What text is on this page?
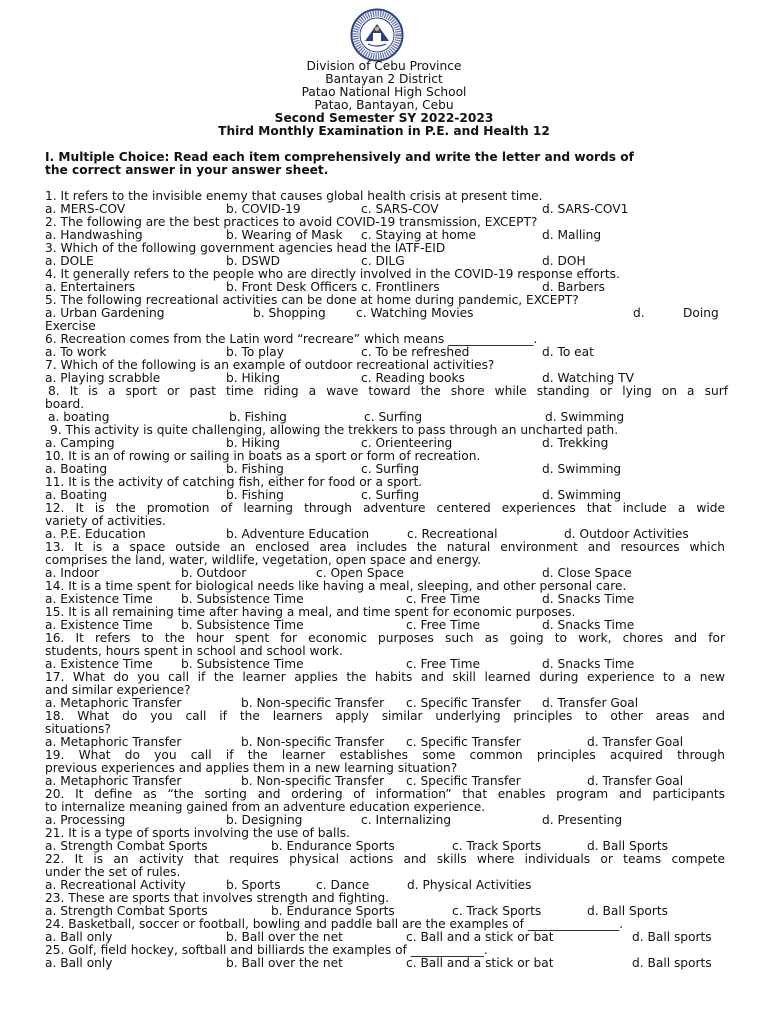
Division of Cebu Province
Bantayan 2 District
Patao National High School
Patao, Bantayan, Cebu
Second Semester SY 2022-2023
Third Monthly Examination in P.E. and Health 12
I. Multiple Choice: Read each item comprehensively and write the letter and words of
the correct answer in your answer sheet.
1. It refers to the invisible enemy that causes global health crisis at present time.
a. MERS-COV	b. COVID-19	c. SARS-COV	d. SARS-COV1
2. The following are the best practices to avoid COVID-19 transmission, EXCEPT?
a. Handwashing	b. Wearing of Mask c. Staying at home	d. Malling
3. Which of the following government agencies head the IATF-EID
a. DOLE	b. DSWD	c. DILG	d. DOH
4. It generally refers to the people who are directly involved in the COVID-19 response efforts.
a. Entertainers	b. Front Desk Officers c. Frontliners	d. Barbers
5. The following recreational activities can be done at home during pandemic, EXCEPT?
a. Urban Gardening	b. Shopping c. Watching Movies	d.	Doing
Exercise
6. Recreation comes from the Latin word “recreare” which means ______________.
a. To work	b. To play	c. To be refreshed	d. To eat
7. Which of the following is an example of outdoor recreational activities?
a. Playing scrabble	b. Hiking	c. Reading books	d. Watching TV
8. It is a sport or past time riding a wave toward the shore while standing or lying on a surf
board.
a. boating	b. Fishing	c. Surfing	d. Swimming
9. This activity is quite challenging, allowing the trekkers to pass through an uncharted path.
a. Camping	b. Hiking	c. Orienteering	d. Trekking
10. It is an of rowing or sailing in boats as a sport or form of recreation.
a. Boating	b. Fishing	c. Surfing	d. Swimming
11. It is the activity of catching fish, either for food or a sport.
a. Boating	b. Fishing	c. Surfing	d. Swimming
12. It is the promotion of learning through adventure centered experiences that include a wide
variety of activities.
a. P.E. Education	b. Adventure Education	c. Recreational	d. Outdoor Activities
13. It is a space outside an enclosed area includes the natural environment and resources which
comprises the land, water, wildlife, vegetation, open space and energy.
a. Indoor	b. Outdoor	c. Open Space	d. Close Space
14. It is a time spent for biological needs like having a meal, sleeping, and other personal care.
a. Existence Time b. Subsistence Time	c. Free Time	d. Snacks Time
15. It is all remaining time after having a meal, and time spent for economic purposes.
a. Existence Time b. Subsistence Time	c. Free Time	d. Snacks Time
16. It refers to the hour spent for economic purposes such as going to work, chores and for
students, hours spent in school and school work.
a. Existence Time b. Subsistence Time	c. Free Time	d. Snacks Time
17. What do you call if the learner applies the habits and skill learned during experience to a new
and similar experience?
a. Metaphoric Transfer	b. Non-specific Transfer c. Specific Transfer d. Transfer Goal
18. What do you call if the learners apply similar underlying principles to other areas and
situations?
a. Metaphoric Transfer	b. Non-specific Transfer c. Specific Transfer	d. Transfer Goal
19. What do you call if the learner establishes some common principles acquired through
previous experiences and applies them in a new learning situation?
a. Metaphoric Transfer	b. Non-specific Transfer c. Specific Transfer	d. Transfer Goal
20. It define as “the sorting and ordering of information” that enables program and participants
to internalize meaning gained from an adventure education experience.
a. Processing	b. Designing	c. Internalizing	d. Presenting
21. It is a type of sports involving the use of balls.
a. Strength Combat Sports	b. Endurance Sports	c. Track Sports	d. Ball Sports
22. It is an activity that requires physical actions and skills where individuals or teams compete
under the set of rules.
a. Recreational Activity	b. Sports	c. Dance	d. Physical Activities
23. These are sports that involves strength and fighting.
a. Strength Combat Sports	b. Endurance Sports	c. Track Sports	d. Ball Sports
24. Basketball, soccer or football, bowling and paddle ball are the examples of _______________.
a. Ball only	b. Ball over the net	c. Ball and a stick or bat	d. Ball sports
25. Golf, field hockey, softball and billiards the examples of ____________.
a. Ball only	b. Ball over the net	c. Ball and a stick or bat	d. Ball sports
